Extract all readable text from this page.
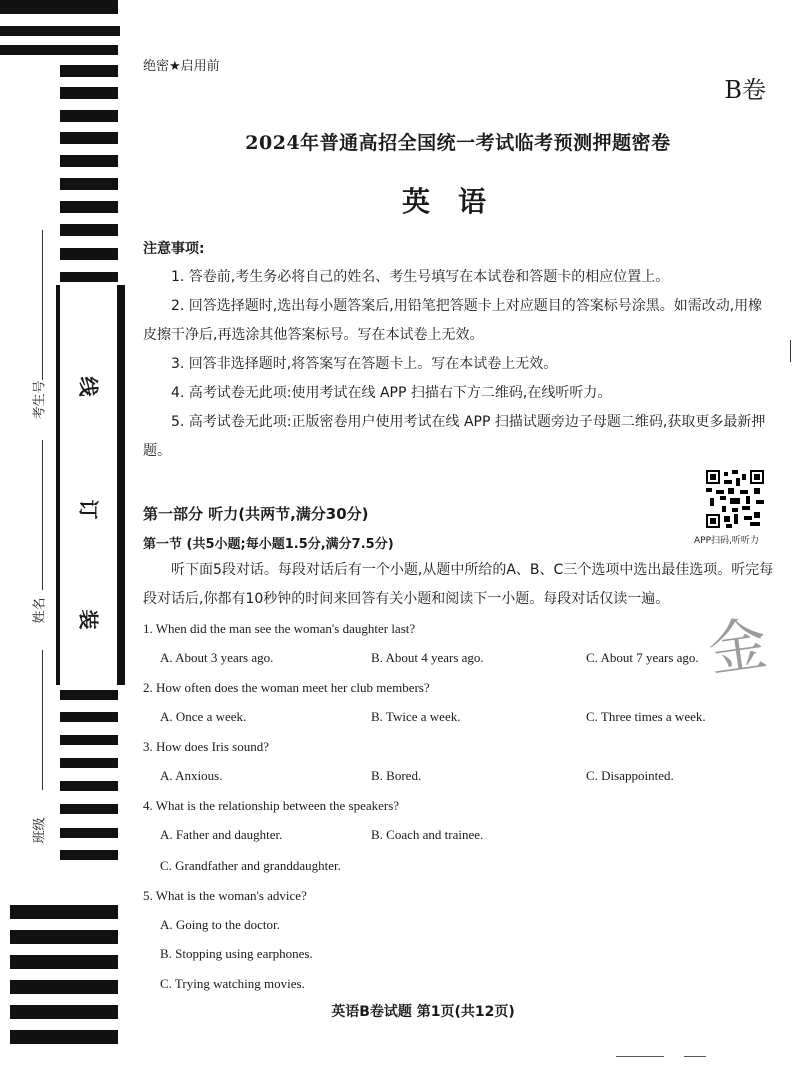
考生号
姓名
班级
线
订
装
绝密★启用前
B卷
2024年普通高招全国统一考试临考预测押题密卷
英语
注意事项:
1. 答卷前,考生务必将自己的姓名、考生号填写在本试卷和答题卡的相应位置上。
2. 回答选择题时,选出每小题答案后,用铅笔把答题卡上对应题目的答案标号涂黑。如需改动,用橡皮擦干净后,再选涂其他答案标号。写在本试卷上无效。
3. 回答非选择题时,将答案写在答题卡上。写在本试卷上无效。
4. 高考试卷无此项:使用考试在线 APP 扫描右下方二维码,在线听听力。
5. 高考试卷无此项:正版密卷用户使用考试在线 APP 扫描试题旁边子母题二维码,获取更多最新押题。
APP扫码,听听力
第一部分 听力(共两节,满分30分)
第一节 (共5小题;每小题1.5分,满分7.5分)
听下面5段对话。每段对话后有一个小题,从题中所给的A、B、C三个选项中选出最佳选项。听完每段对话后,你都有10秒钟的时间来回答有关小题和阅读下一小题。每段对话仅读一遍。
金
1. When did the man see the woman's daughter last?
A. About 3 years ago.	B. About 4 years ago.	C. About 7 years ago.
2. How often does the woman meet her club members?
A. Once a week.	B. Twice a week.	C. Three times a week.
3. How does Iris sound?
A. Anxious.	B. Bored.	C. Disappointed.
4. What is the relationship between the speakers?
A. Father and daughter.	B. Coach and trainee.
C. Grandfather and granddaughter.
5. What is the woman's advice?
A. Going to the doctor.
B. Stopping using earphones.
C. Trying watching movies.
英语B卷试题 第1页(共12页)
